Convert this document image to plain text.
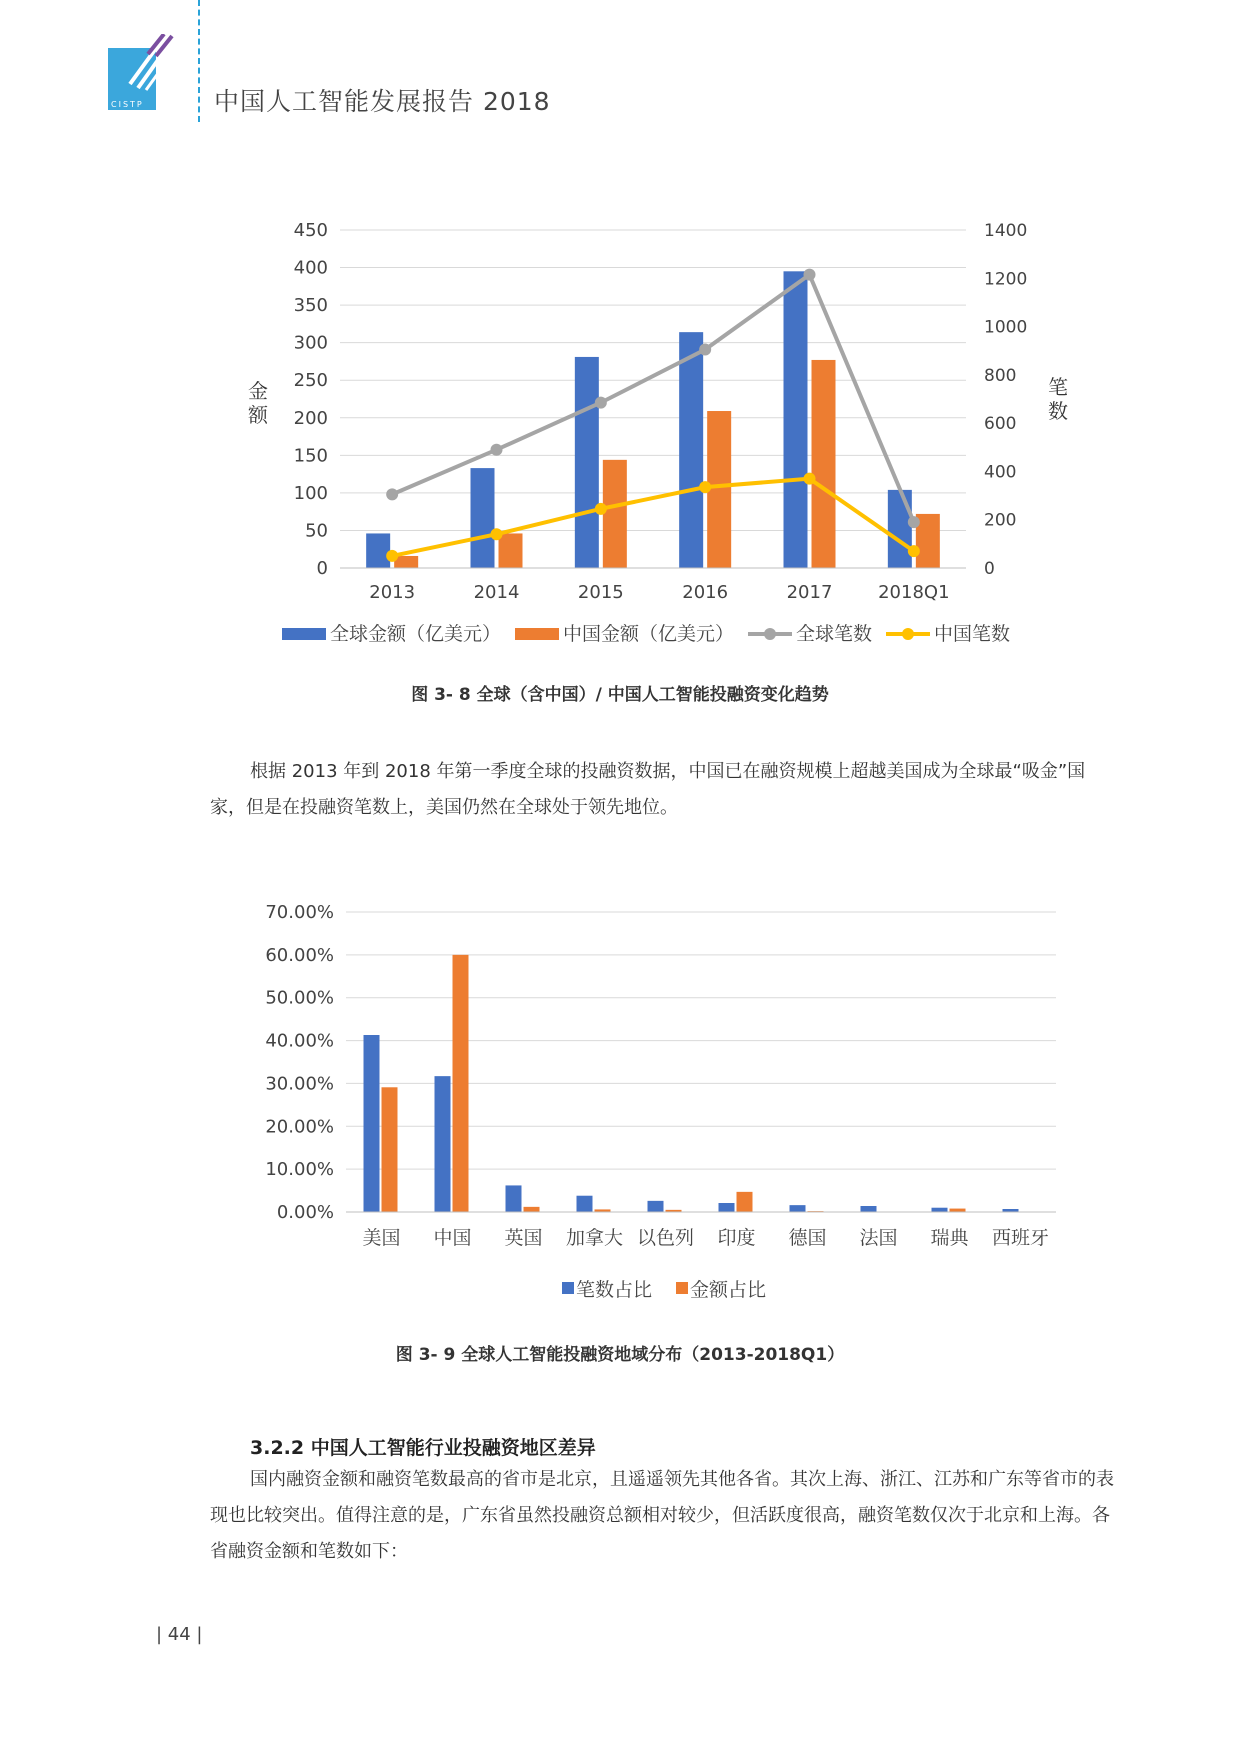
CISTP	中国人工智能发展报告 2018
0
50
100
150
200
250
300
350
400
450
0
200
400
600
800
1000
1200
1400
金额
笔数
2013	2014	2015	2016	2017	2018Q1
全球金额（亿美元）	中国金额（亿美元）	全球笔数	中国笔数
图 3- 8 全球（含中国）/ 中国人工智能投融资变化趋势

根据 2013 年到 2018 年第一季度全球的投融资数据，中国已在融资规模上超越美国成为全球最“吸金”国家，但是在投融资笔数上，美国仍然在全球处于领先地位。

0.00%
10.00%
20.00%
30.00%
40.00%
50.00%
60.00%
70.00%
美国 中国 英国 加拿大 以色列 印度 德国 法国 瑞典 西班牙
笔数占比 金额占比
图 3- 9 全球人工智能投融资地域分布（2013-2018Q1）
3.2.2 中国人工智能行业投融资地区差异

国内融资金额和融资笔数最高的省市是北京，且遥遥领先其他各省。其次上海、浙江、江苏和广东等省市的表现也比较突出。值得注意的是，广东省虽然投融资总额相对较少，但活跃度很高，融资笔数仅次于北京和上海。各省融资金额和笔数如下：

| 44 |
